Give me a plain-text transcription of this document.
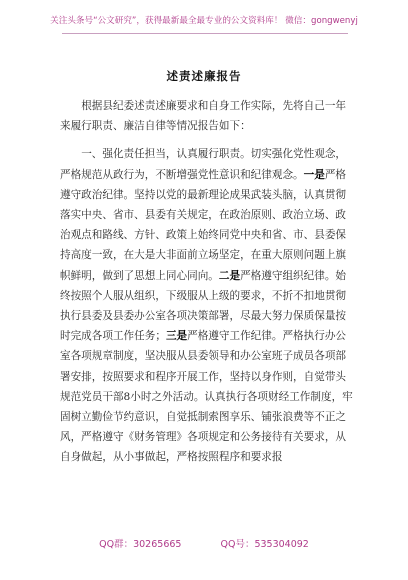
关注头条号“公文研究”，获得最新最全最专业的公文资料库！ 微信：gongwenyj
述责述廉报告

根据县纪委述责述廉要求和自身工作实际，先将自己一年来履行职责、廉洁自律等情况报告如下：

一、强化责任担当，认真履行职责。切实强化党性观念，严格规范从政行为，不断增强党性意识和纪律观念。一是严格遵守政治纪律。坚持以党的最新理论成果武装头脑，认真贯彻落实中央、省市、县委有关规定，在政治原则、政治立场、政治观点和路线、方针、政策上始终同党中央和省、市、县委保持高度一致，在大是大非面前立场坚定，在重大原则问题上旗帜鲜明，做到了思想上同心同向。二是严格遵守组织纪律。始终按照个人服从组织，下级服从上级的要求，不折不扣地贯彻执行县委及县委办公室各项决策部署，尽最大努力保质保量按时完成各项工作任务；三是严格遵守工作纪律。严格执行办公室各项规章制度，坚决服从县委领导和办公室班子成员各项部署安排，按照要求和程序开展工作，坚持以身作则，自觉带头规范党员干部8小时之外活动。认真执行各项财经工作制度，牢固树立勤俭节约意识，自觉抵制索图享乐、铺张浪费等不正之风，严格遵守《财务管理》各项规定和公务接待有关要求，从自身做起，从小事做起，严格按照程序和要求报

QQ群：30265665	QQ号：535304092
